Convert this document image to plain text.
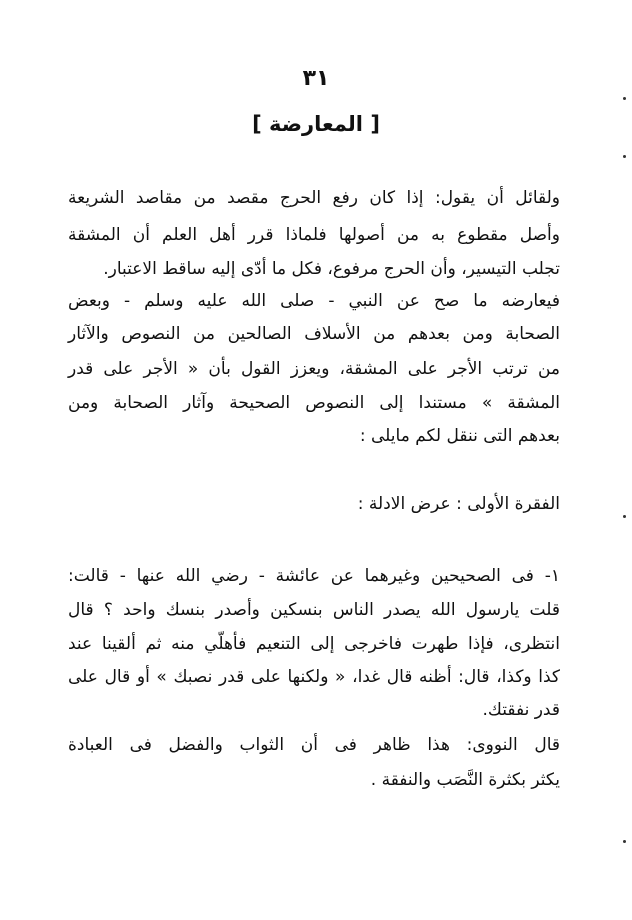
٣١
[ المعارضة ]
ولقائل أن يقول: إذا كان رفع الحرج مقصد من مقاصد الشريعة
وأصل مقطوع به من أصولها فلماذا قرر أهل العلم أن المشقة
تجلب التيسير، وأن الحرج مرفوع، فكل ما أدّى إليه ساقط الاعتبار.
فيعارضه ما صح عن النبي - صلى الله عليه وسلم - وبعض
الصحابة ومن بعدهم من الأسلاف الصالحين من النصوص والآثار
من ترتب الأجر على المشقة، ويعزز القول بأن « الأجر على قدر
المشقة » مستندا إلى النصوص الصحيحة وآثار الصحابة ومن
بعدهم التى ننقل لكم مايلى :
الفقرة الأولى : عرض الادلة :
١- فى الصحيحين وغيرهما عن عائشة - رضي الله عنها - قالت:
قلت يارسول الله يصدر الناس بنسكين وأصدر بنسك واحد ؟ قال
انتظرى، فإذا طهرت فاخرجى إلى التنعيم فأهلّي منه ثم ألقينا عند
كذا وكذا، قال: أظنه قال غدا، « ولكنها على قدر نصبك » أو قال على
قدر نفقتك.
قال النووى: هذا ظاهر فى أن الثواب والفضل فى العبادة
يكثر بكثرة النَّصَب والنفقة .
